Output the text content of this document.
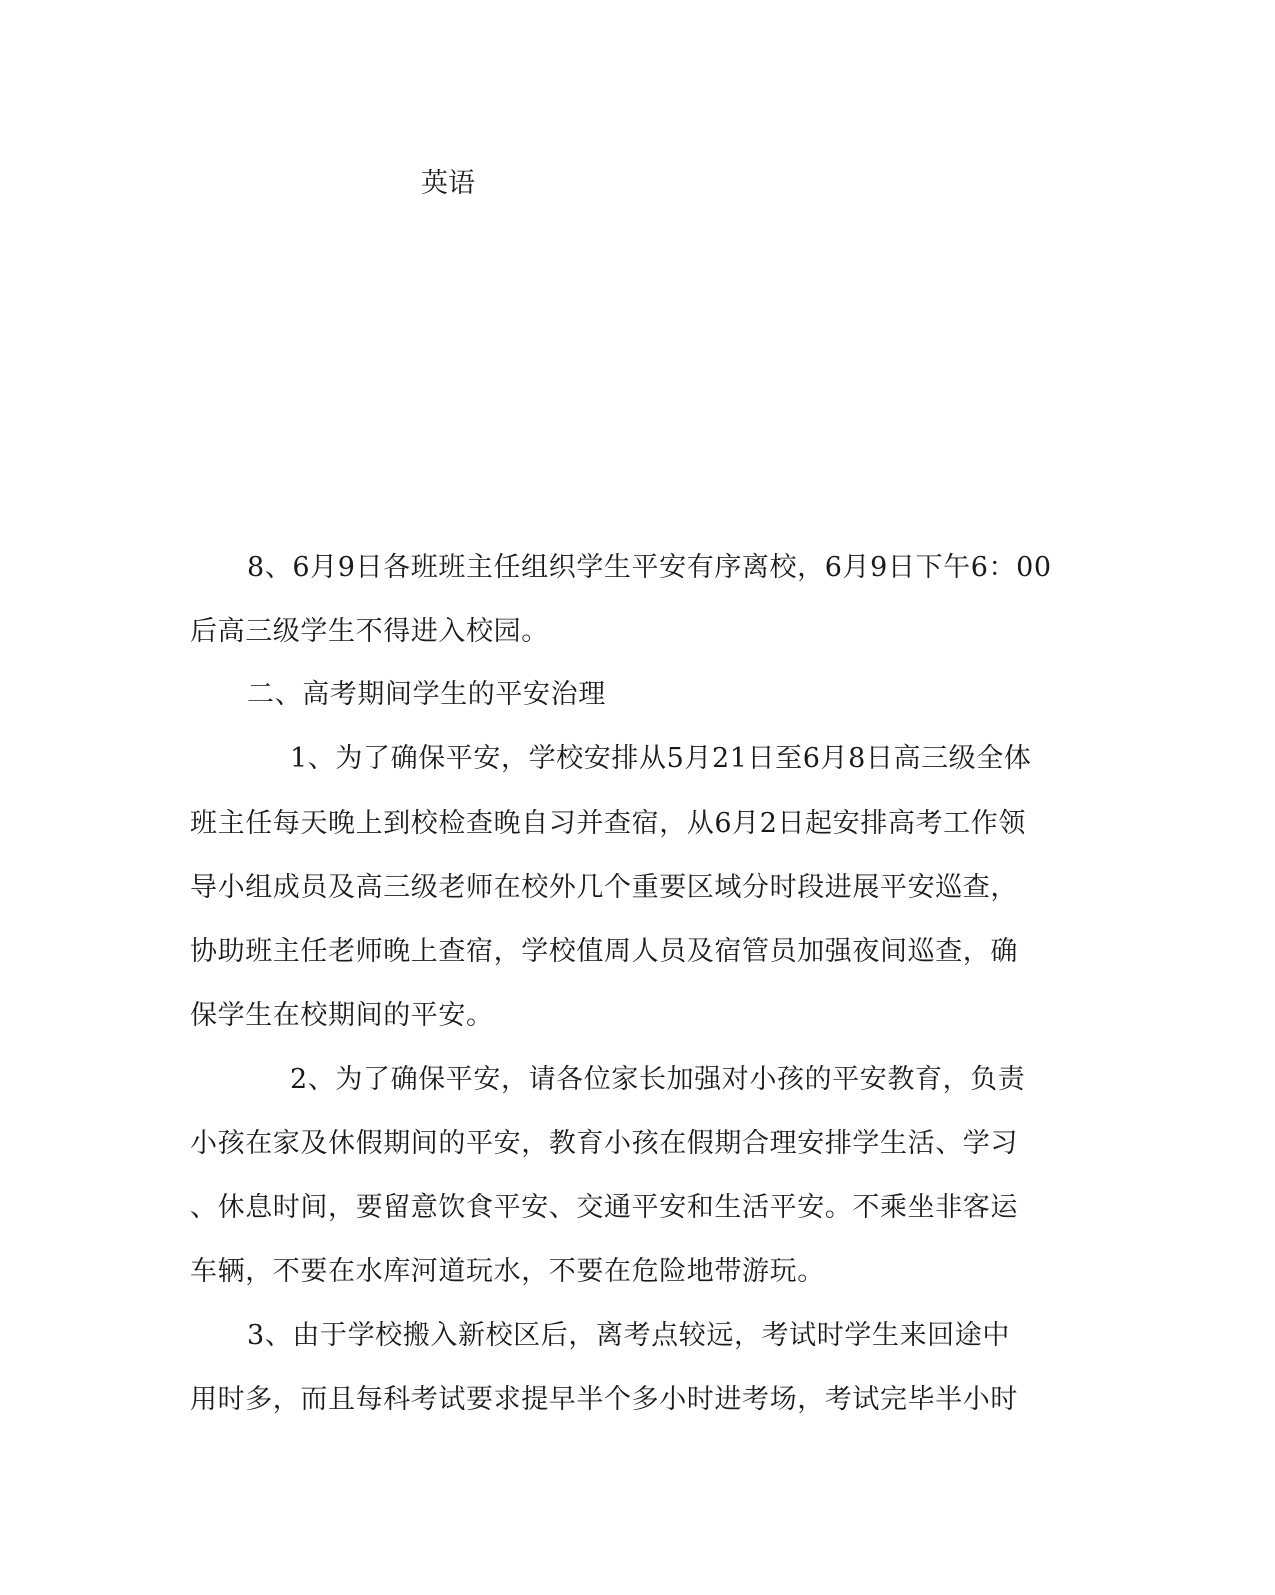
英语
8、6月9日各班班主任组织学生平安有序离校，6月9日下午6：00
后高三级学生不得进入校园。
二、高考期间学生的平安治理
1、为了确保平安，学校安排从5月21日至6月8日高三级全体
班主任每天晚上到校检查晚自习并查宿，从6月2日起安排高考工作领
导小组成员及高三级老师在校外几个重要区域分时段进展平安巡查，
协助班主任老师晚上查宿，学校值周人员及宿管员加强夜间巡查，确
保学生在校期间的平安。
2、为了确保平安，请各位家长加强对小孩的平安教育，负责
小孩在家及休假期间的平安，教育小孩在假期合理安排学生活、学习
、休息时间，要留意饮食平安、交通平安和生活平安。不乘坐非客运
车辆，不要在水库河道玩水，不要在危险地带游玩。
3、由于学校搬入新校区后，离考点较远，考试时学生来回途中
用时多，而且每科考试要求提早半个多小时进考场，考试完毕半小时
